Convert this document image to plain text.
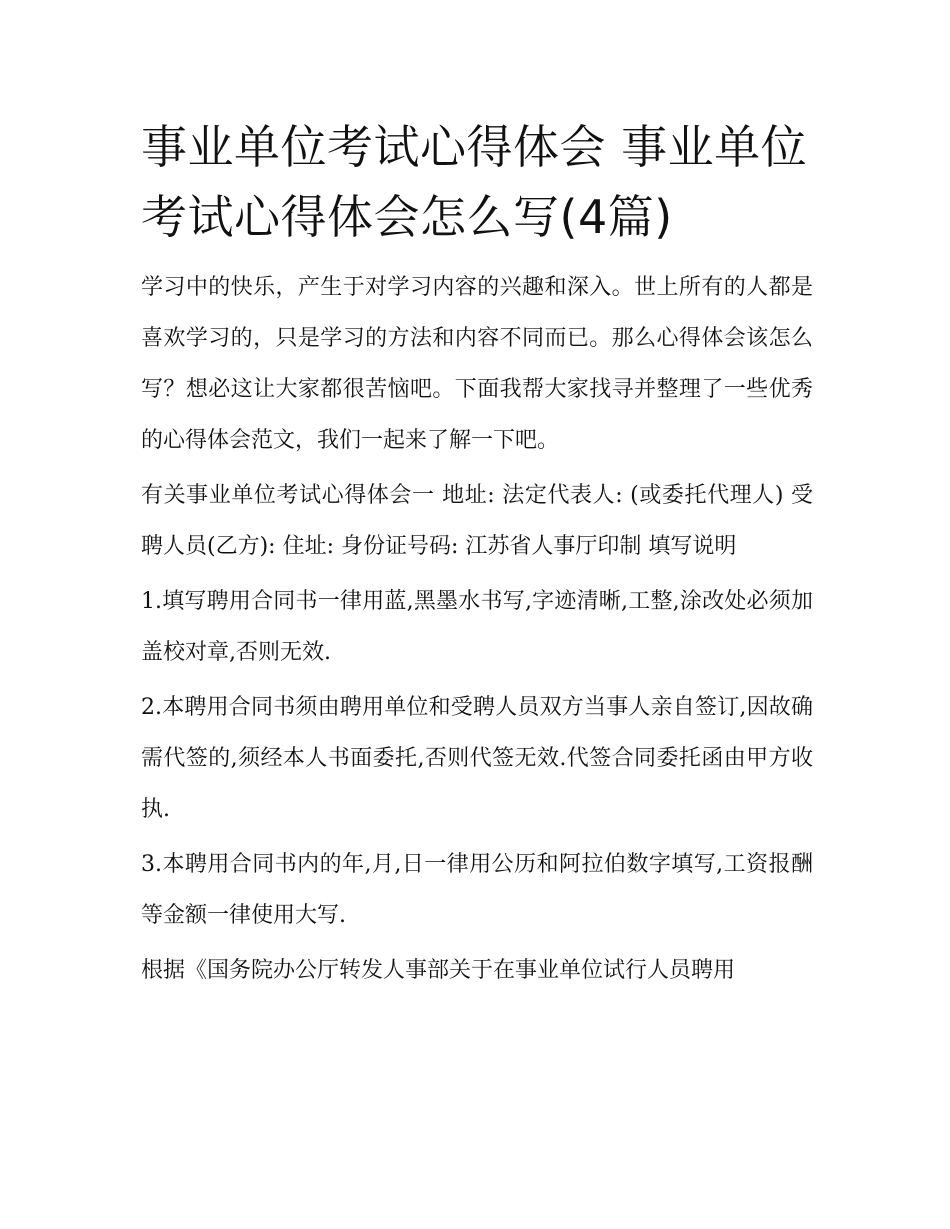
事业单位考试心得体会 事业单位考试心得体会怎么写(4篇)

学习中的快乐，产生于对学习内容的兴趣和深入。世上所有的人都是喜欢学习的，只是学习的方法和内容不同而已。那么心得体会该怎么写？想必这让大家都很苦恼吧。下面我帮大家找寻并整理了一些优秀的心得体会范文，我们一起来了解一下吧。

有关事业单位考试心得体会一 地址: 法定代表人: (或委托代理人) 受聘人员(乙方): 住址: 身份证号码: 江苏省人事厅印制 填写说明

1.填写聘用合同书一律用蓝,黑墨水书写,字迹清晰,工整,涂改处必须加盖校对章,否则无效.

2.本聘用合同书须由聘用单位和受聘人员双方当事人亲自签订,因故确需代签的,须经本人书面委托,否则代签无效.代签合同委托函由甲方收执.

3.本聘用合同书内的年,月,日一律用公历和阿拉伯数字填写,工资报酬等金额一律使用大写.

根据《国务院办公厅转发人事部关于在事业单位试行人员聘用
